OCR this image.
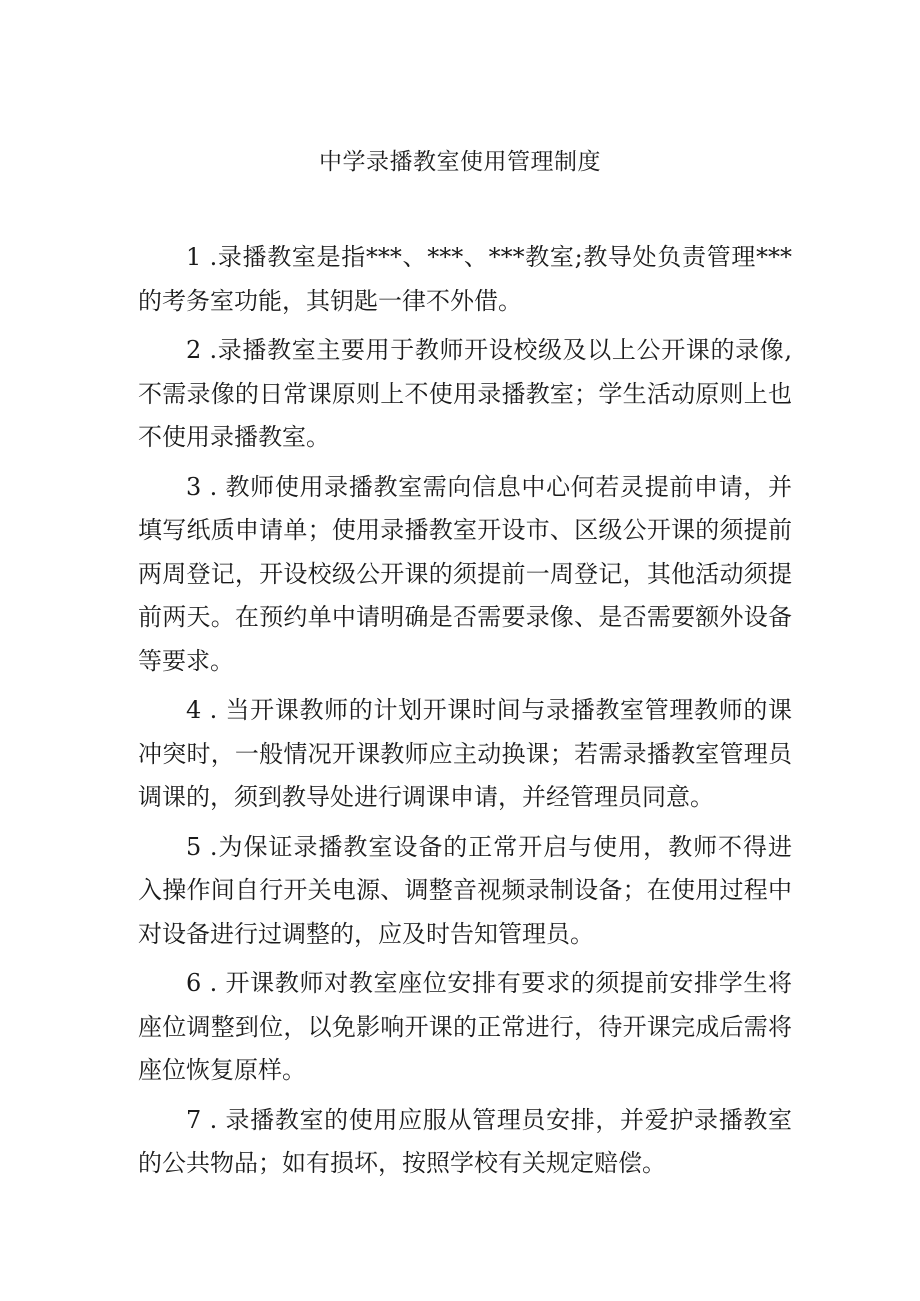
中学录播教室使用管理制度

1 .录播教室是指***、***、***教室;教导处负责管理***的考务室功能，其钥匙一律不外借。

2 .录播教室主要用于教师开设校级及以上公开课的录像,不需录像的日常课原则上不使用录播教室；学生活动原则上也不使用录播教室。

3 . 教师使用录播教室需向信息中心何若灵提前申请，并填写纸质申请单；使用录播教室开设市、区级公开课的须提前两周登记，开设校级公开课的须提前一周登记，其他活动须提前两天。在预约单中请明确是否需要录像、是否需要额外设备等要求。

4 . 当开课教师的计划开课时间与录播教室管理教师的课冲突时，一般情况开课教师应主动换课；若需录播教室管理员调课的，须到教导处进行调课申请，并经管理员同意。

5 .为保证录播教室设备的正常开启与使用，教师不得进入操作间自行开关电源、调整音视频录制设备；在使用过程中对设备进行过调整的，应及时告知管理员。

6 . 开课教师对教室座位安排有要求的须提前安排学生将座位调整到位，以免影响开课的正常进行，待开课完成后需将座位恢复原样。

7 . 录播教室的使用应服从管理员安排，并爱护录播教室的公共物品；如有损坏，按照学校有关规定赔偿。
